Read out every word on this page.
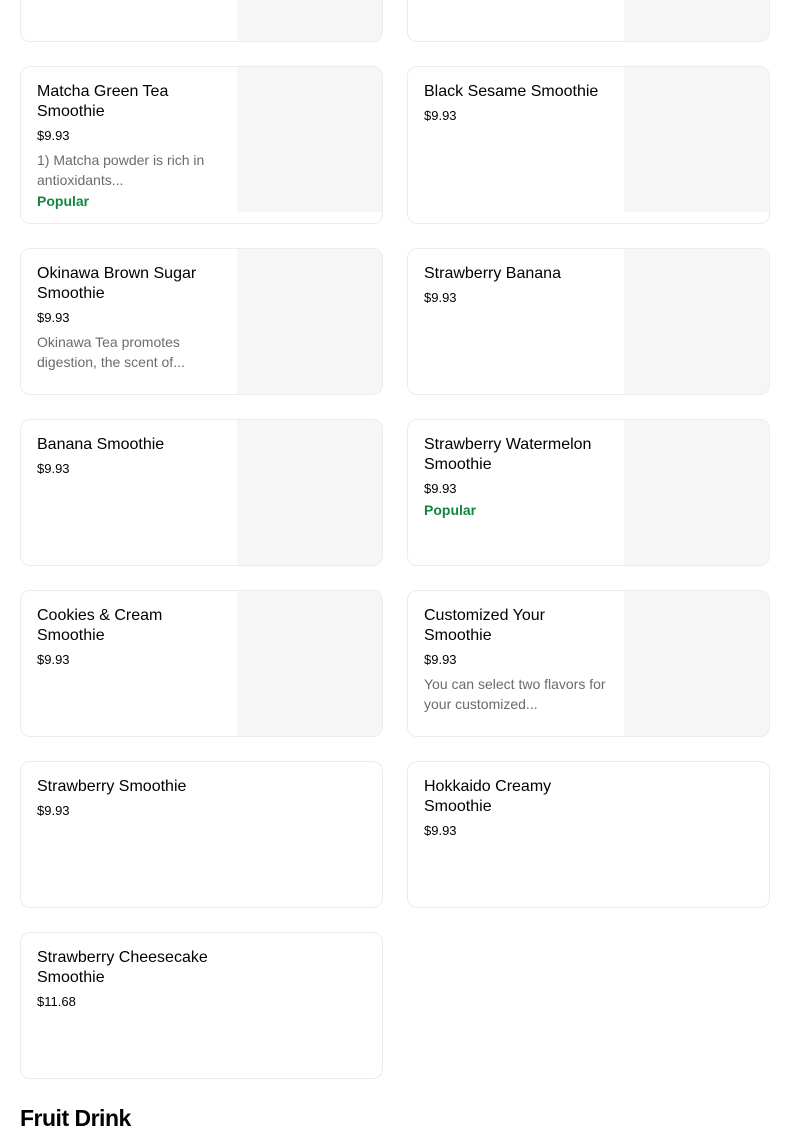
Matcha Green Tea Smoothie
$9.93
1) Matcha powder is rich in antioxidants...
Popular
Black Sesame Smoothie
$9.93
Okinawa Brown Sugar Smoothie
$9.93
Okinawa Tea promotes digestion, the scent of...
Strawberry Banana
$9.93
Banana Smoothie
$9.93
Strawberry Watermelon Smoothie
$9.93
Popular
Cookies & Cream Smoothie
$9.93
Customized Your Smoothie
$9.93
You can select two flavors for your customized...
Strawberry Smoothie
$9.93
Hokkaido Creamy Smoothie
$9.93
Strawberry Cheesecake Smoothie
$11.68
Fruit Drink
